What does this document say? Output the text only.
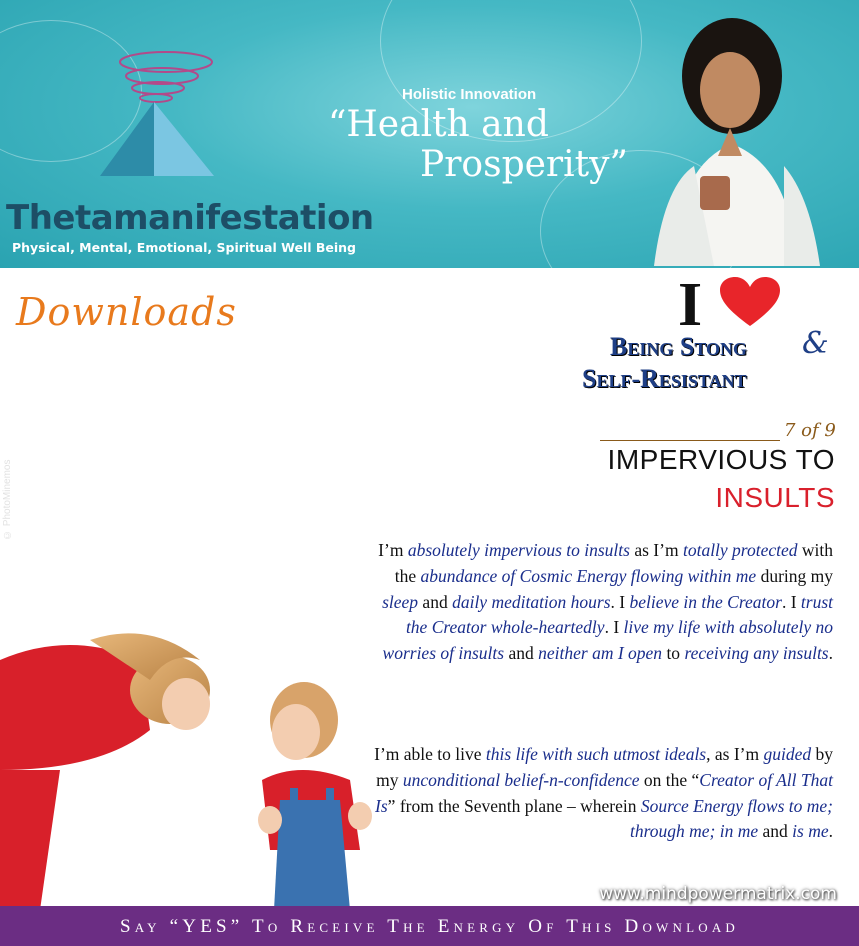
Thetamanifestation
Physical, Mental, Emotional, Spiritual Well Being
Holistic Innovation
“Health and
Prosperity”
Downloads
© PhotoMinemos
I
Being Stong &
Self-Resistant
7 of 9
IMPERVIOUS TO
INSULTS
I’m absolutely impervious to insults as I’m totally protected with the abundance of Cosmic Energy flowing within me during my sleep and daily meditation hours. I believe in the Creator. I trust the Creator whole-heartedly. I live my life with absolutely no worries of insults and neither am I open to receiving any insults.
I’m able to live this life with such utmost ideals, as I’m guided by my unconditional belief-n-confidence on the “Creator of All That Is” from the Seventh plane – wherein Source Energy flows to me; through me; in me and is me.
www.mindpowermatrix.com
Say “YES” To Receive The Energy Of This Download
